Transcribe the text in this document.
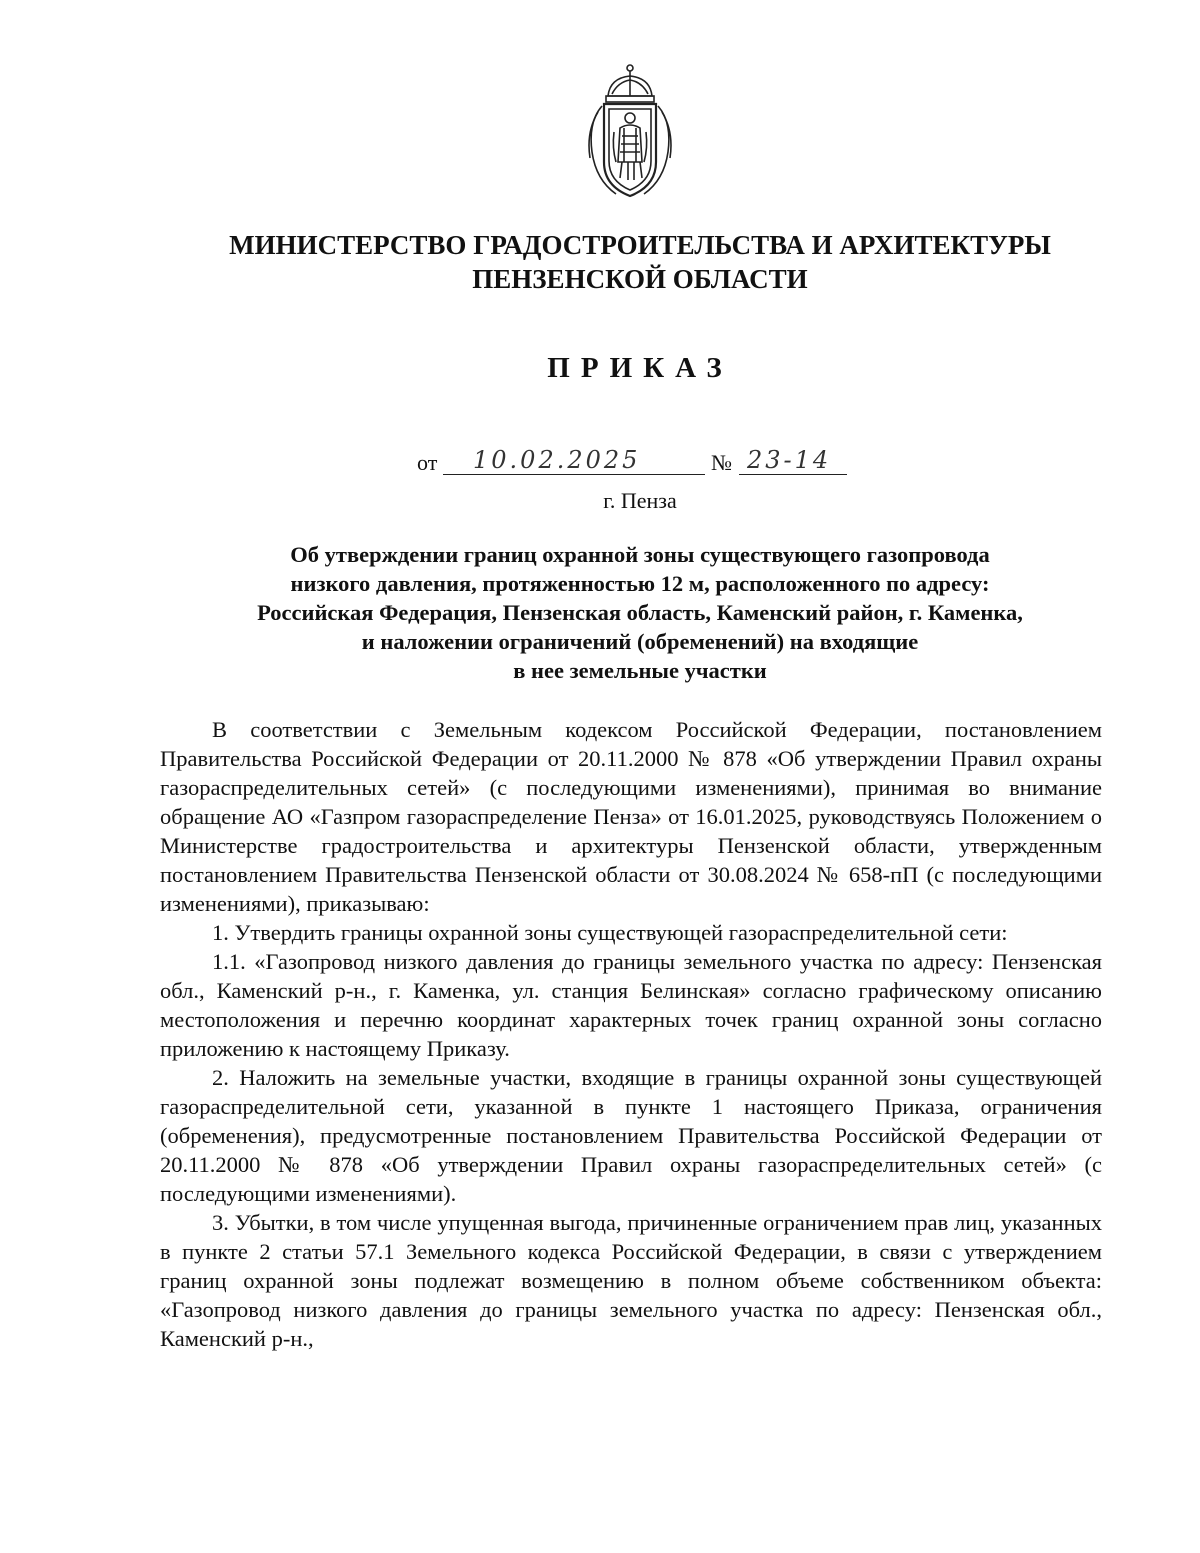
МИНИСТЕРСТВО ГРАДОСТРОИТЕЛЬСТВА И АРХИТЕКТУРЫ
ПЕНЗЕНСКОЙ ОБЛАСТИ
ПРИКАЗ
от 10.02.2025	№ 23-14
г. Пенза
Об утверждении границ охранной зоны существующего газопровода
низкого давления, протяженностью 12 м, расположенного по адресу:
Российская Федерация, Пензенская область, Каменский район, г. Каменка,
и наложении ограничений (обременений) на входящие
в нее земельные участки

В соответствии с Земельным кодексом Российской Федерации, постановлением Правительства Российской Федерации от 20.11.2000 № 878 «Об утверждении Правил охраны газораспределительных сетей» (с последующими изменениями), принимая во внимание обращение АО «Газпром газораспределение Пенза» от 16.01.2025, руководствуясь Положением о Министерстве градостроительства и архитектуры Пензенской области, утвержденным постановлением Правительства Пензенской области от 30.08.2024 № 658-пП (с последующими изменениями), приказываю:

1. Утвердить границы охранной зоны существующей газораспределительной сети:

1.1. «Газопровод низкого давления до границы земельного участка по адресу: Пензенская обл., Каменский р-н., г. Каменка, ул. станция Белинская» согласно графическому описанию местоположения и перечню координат характерных точек границ охранной зоны согласно приложению к настоящему Приказу.

2. Наложить на земельные участки, входящие в границы охранной зоны существующей газораспределительной сети, указанной в пункте 1 настоящего Приказа, ограничения (обременения), предусмотренные постановлением Правительства Российской Федерации от 20.11.2000 № 878 «Об утверждении Правил охраны газораспределительных сетей» (с последующими изменениями).

3. Убытки, в том числе упущенная выгода, причиненные ограничением прав лиц, указанных в пункте 2 статьи 57.1 Земельного кодекса Российской Федерации, в связи с утверждением границ охранной зоны подлежат возмещению в полном объеме собственником объекта: «Газопровод низкого давления до границы земельного участка по адресу: Пензенская обл., Каменский р-н.,
